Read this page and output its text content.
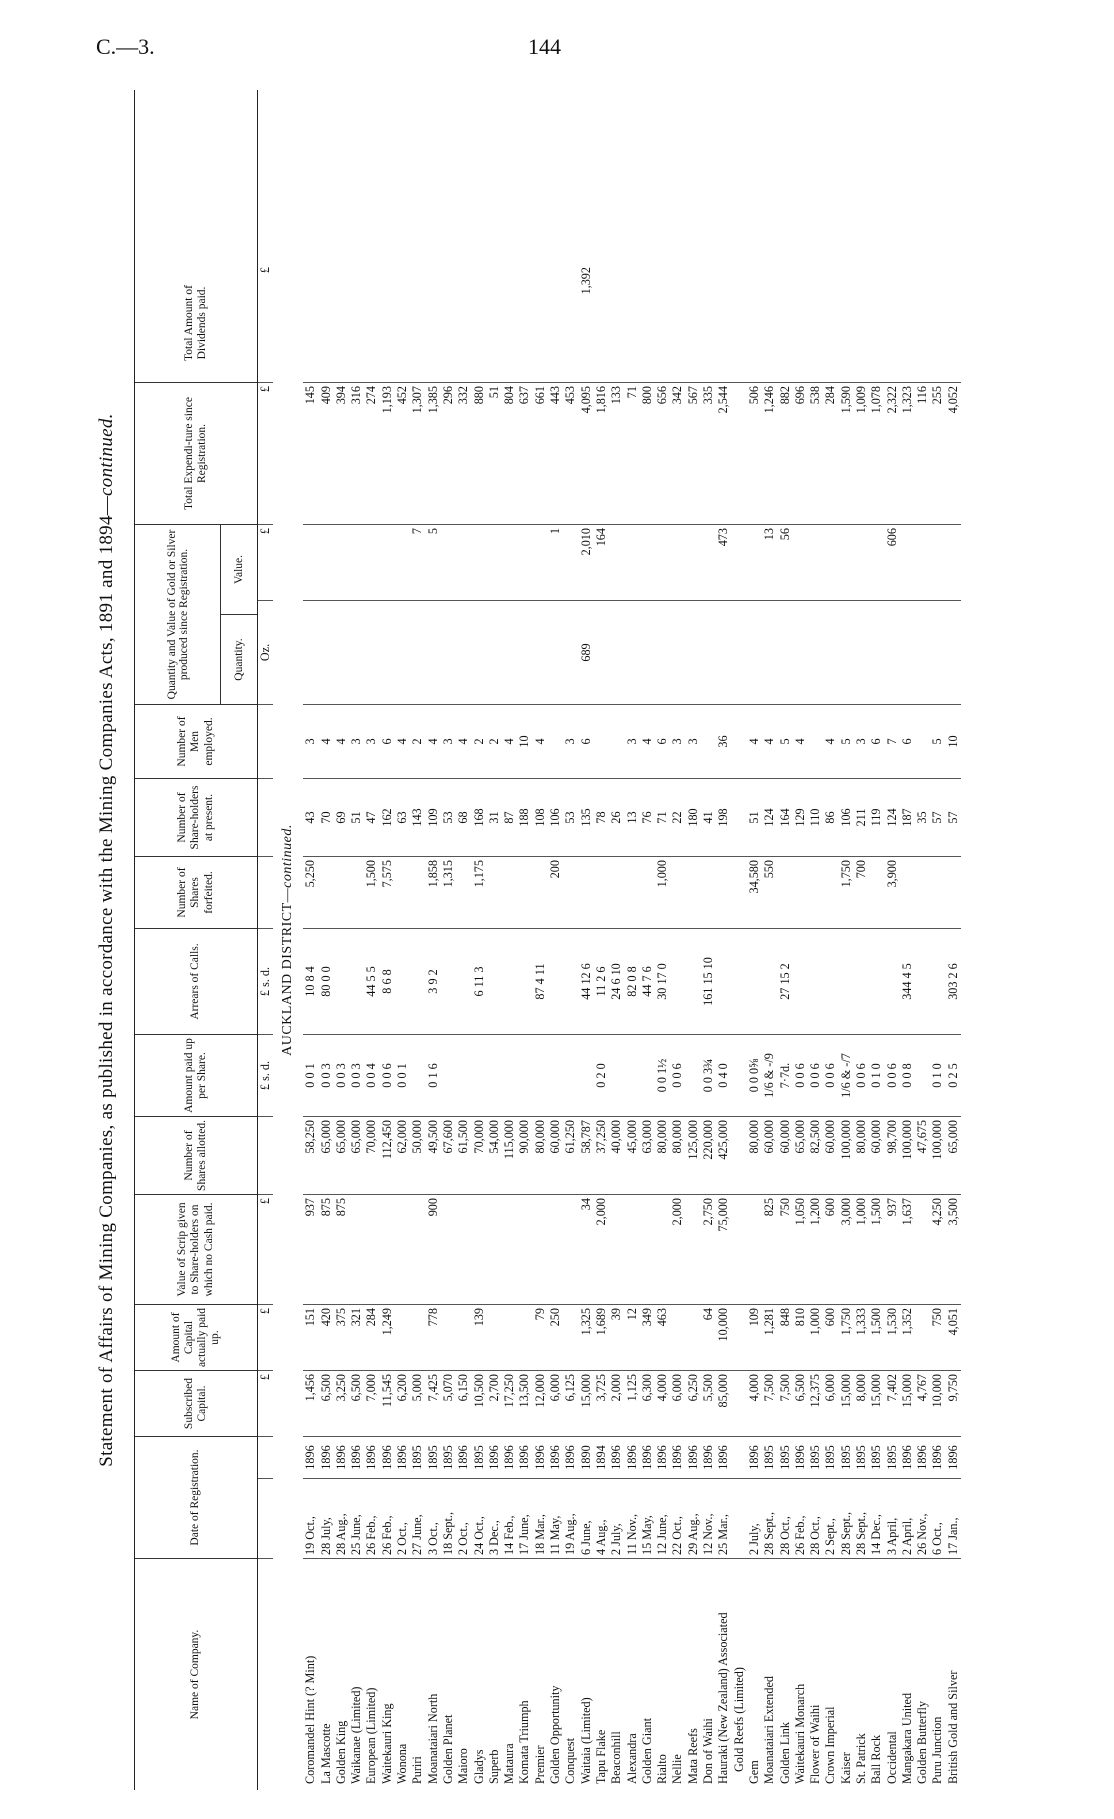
C.—3.	144
Statement of Affairs of Mining Companies, as published in accordance with the Mining Companies Acts, 1891 and 1894—continued.
Name of Company.
Date of Registration.
Subscribed Capital.
Amount of Capital actually paid up.
Value of Scrip given to Share-holders on which no Cash paid.
Number of Shares allotted.
Amount paid up per Share.
Arrears of Calls.
Number of Shares forfeited.
Number of Share-holders at present.
Number of Men employed.
Quantity and Value of Gold or Silver produced since Registration.	Quantity.
Value.
Total Expendi-ture since Registration.
Total Amount of Dividends paid.
£
£
£
£ s. d.
£ s. d.
Oz.
£
£
£
AUCKLAND DISTRICT—continued.
Coromandel Hint (? Mint)
19 Oct.,
1896
1,456
151
937
58,250
0 0 1
10 8 4
5,250
43
3
145
La Mascotte
28 July,
1896
6,500
420
875
65,000
0 0 3
80 0 0
70
4
409
Golden King
28 Aug.,
1896
3,250
375
875
65,000
0 0 3
69
4
394
Waikanae (Limited)
25 June,
1896
6,500
321
65,000
0 0 3
51
3
316
European (Limited)
26 Feb.,
1896
7,000
284
70,000
0 0 4
44 5 5
1,500
47
3
274
Waitekauri King
26 Feb.,
1896
11,545
1,249
112,450
0 0 6
8 6 8
7,575
162
6
1,193
Wonona
2 Oct.,
1896
6,200
62,000
0 0 1
63
4
452
Puriri
27 June,
1895
5,000
50,000
143
2
7
1,307
Moanataiari North
3 Oct.,
1895
7,425
778
900
49,500
0 1 6
3 9 2
1,858
109
4
5
1,385
Golden Planet
18 Sept.,
1895
5,070
67,600
1,315
53
3
296
Maioro
2 Oct.,
1896
6,150
61,500
68
4
332
Gladys
24 Oct.,
1895
10,500
139
70,000
6 11 3
1,175
168
2
880
Superb
3 Dec.,
1896
2,700
54,000
31
2
51
Mataura
14 Feb.,
1896
17,250
115,000
87
4
804
Komata Triumph
17 June,
1896
13,500
90,000
188
10
637
Premier
18 Mar.,
1896
12,000
79
80,000
87 4 11
108
4
661
Golden Opportunity
11 May,
1896
6,000
250
60,000
200
106
1
443
Conquest
19 Aug.,
1896
6,125
61,250
53
3
453
Waitaia (Limited)
6 June,
1890
15,000
1,325
34
58,787
44 12 6
135
6
689
2,010
4,095
1,392
Tapu Flake
4 Aug.,
1894
3,725
1,689
2,000
37,250
0 2 0
11 2 6
78
164
1,816
Beaconhill
2 July,
1896
2,000
39
40,000
24 6 10
26
133
Alexandra
11 Nov.,
1896
1,125
12
45,000
82 0 8
13
3
71
Golden Giant
15 May,
1896
6,300
349
63,000
44 7 6
76
4
800
Rialto
12 June,
1896
4,000
463
80,000
0 0 1½
30 17 0
1,000
71
6
656
Nellie
22 Oct.,
1896
6,000
2,000
80,000
0 0 6
22
3
342
Mata Reefs
29 Aug.,
1896
6,250
125,000
180
3
567
Don of Waihi
12 Nov.,
1896
5,500
64
2,750
220,000
0 0 3¾
161 15 10
41
335
Hauraki (New Zealand) Associated
25 Mar.,
1896
85,000
10,000
75,000
425,000
0 4 0
198
36
473
2,544
Gold Reefs (Limited)
Gem
2 July,
1896
4,000
109
80,000
0 0 0⅝
34,580
51
4
506
Moanataiari Extended
28 Sept.,
1895
7,500
1,281
825
60,000
1/6 & -/9
550
124
4
13
1,246
Golden Link
28 Oct.,
1895
7,500
848
750
60,000
7·7d.
27 15 2
164
5
56
882
Waitekauri Monarch
26 Feb.,
1896
6,500
810
1,050
65,000
0 0 6
129
4
696
Flower of Waihi
28 Oct.,
1895
12,375
1,000
1,200
82,500
0 0 6
110
538
Crown Imperial
2 Sept.,
1895
6,000
600
600
60,000
0 0 6
86
4
284
Kaiser
28 Sept.,
1895
15,000
1,750
3,000
100,000
1/6 & -/7
1,750
106
5
1,590
St. Patrick
28 Sept.,
1895
8,000
1,333
1,000
80,000
0 0 6
700
211
3
1,009
Ball Rock
14 Dec.,
1895
15,000
1,500
1,500
60,000
0 1 0
119
6
1,078
Occidental
3 April,
1895
7,402
1,530
937
98,700
0 0 6
3,900
124
7
606
2,322
Mangakara United
2 April,
1896
15,000
1,352
1,637
100,000
0 0 8
344 4 5
187
6
1,323
Golden Butterfly
26 Nov.,
1896
4,767
47,675
35
116
Puru Junction
6 Oct.,
1896
10,000
750
4,250
100,000
0 1 0
57
5
255
British Gold and Silver
17 Jan.,
1896
9,750
4,051
3,500
65,000
0 2 5
303 2 6
57
10
4,052
